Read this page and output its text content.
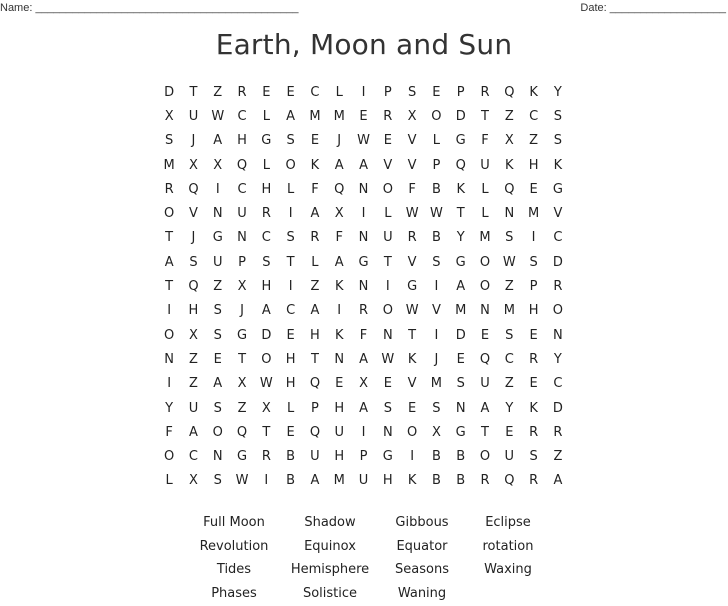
Name: ___________________________________________	Date: ___________________
Earth, Moon and Sun
D	T	Z	R	E	E	C	L	I	P	S	E	P	R	Q	K	Y
X	U	W	C	L	A	M	M	E	R	X	O	D	T	Z	C	S
S	J	A	H	G	S	E	J	W	E	V	L	G	F	X	Z	S
M	X	X	Q	L	O	K	A	A	V	V	P	Q	U	K	H	K
R	Q	I	C	H	L	F	Q	N	O	F	B	K	L	Q	E	G
O	V	N	U	R	I	A	X	I	L	W W	T	L	N	M	V
T	J	G	N	C	S	R	F	N	U	R	B	Y	M	S	I	C
A	S	U	P	S	T	L	A	G	T	V	S	G	O W	S	D
T	Q	Z	X	H	I	Z	K	N	I	G	I	A	O	Z	P	R
I	H	S	J	A	C	A	I	R	O W	V	M	N	M	H	O
O	X	S	G	D	E	H	K	F	N	T	I	D	E	S	E	N
N	Z	E	T	O	H	T	N	A	W	K	J	E	Q	C	R	Y
I	Z	A	X	W H	Q	E	X	E	V	M	S	U	Z	E	C
Y	U	S	Z	X	L	P	H	A	S	E	S	N	A	Y	K	D
F	A	O	Q	T	E	Q	U	I	N	O	X	G	T	E	R	R
O	C	N	G	R	B	U	H	P	G	I	B	B	O	U	S	Z
L	X	S	W	I	B	A	M	U	H	K	B	B	R	Q	R	A
Full Moon	Shadow	Gibbous	Eclipse
Revolution	Equinox	Equator	rotation
Tides	Hemisphere	Seasons	Waxing
Phases	Solistice	Waning
